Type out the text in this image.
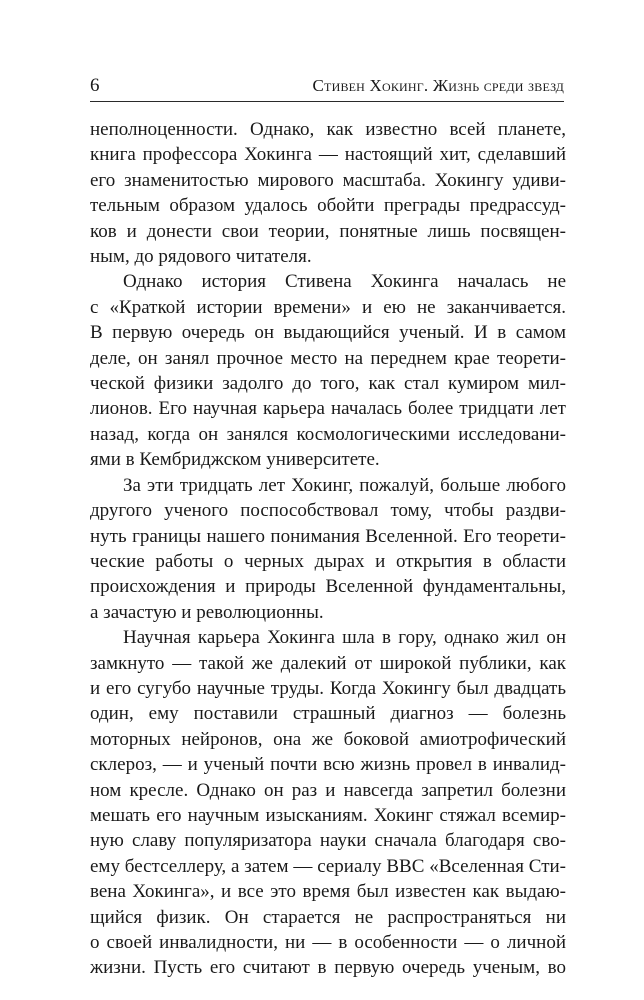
6	Стивен Хокинг. Жизнь среди звезд
неполноценности. Однако, как известно всей планете,
книга профессора Хокинга — настоящий хит, сделавший
его знаменитостью мирового масштаба. Хокингу удиви-
тельным образом удалось обойти преграды предрассуд-
ков и донести свои теории, понятные лишь посвящен-
ным, до рядового читателя.
Однако история Стивена Хокинга началась не
с «Краткой истории времени» и ею не заканчивается.
В первую очередь он выдающийся ученый. И в самом
деле, он занял прочное место на переднем крае теорети-
ческой физики задолго до того, как стал кумиром мил-
лионов. Его научная карьера началась более тридцати лет
назад, когда он занялся космологическими исследовани-
ями в Кембриджском университете.
За эти тридцать лет Хокинг, пожалуй, больше любого
другого ученого поспособствовал тому, чтобы раздви-
нуть границы нашего понимания Вселенной. Его теорети-
ческие работы о черных дырах и открытия в области
происхождения и природы Вселенной фундаментальны,
а зачастую и революционны.
Научная карьера Хокинга шла в гору, однако жил он
замкнуто — такой же далекий от широкой публики, как
и его сугубо научные труды. Когда Хокингу был двадцать
один, ему поставили страшный диагноз — болезнь
моторных нейронов, она же боковой амиотрофический
склероз, — и ученый почти всю жизнь провел в инвалид-
ном кресле. Однако он раз и навсегда запретил болезни
мешать его научным изысканиям. Хокинг стяжал всемир-
ную славу популяризатора науки сначала благодаря сво-
ему бестселлеру, а затем — сериалу BBC «Вселенная Сти-
вена Хокинга», и все это время был известен как выдаю-
щийся физик. Он старается не распространяться ни
о своей инвалидности, ни — в особенности — о личной
жизни. Пусть его считают в первую очередь ученым, во
